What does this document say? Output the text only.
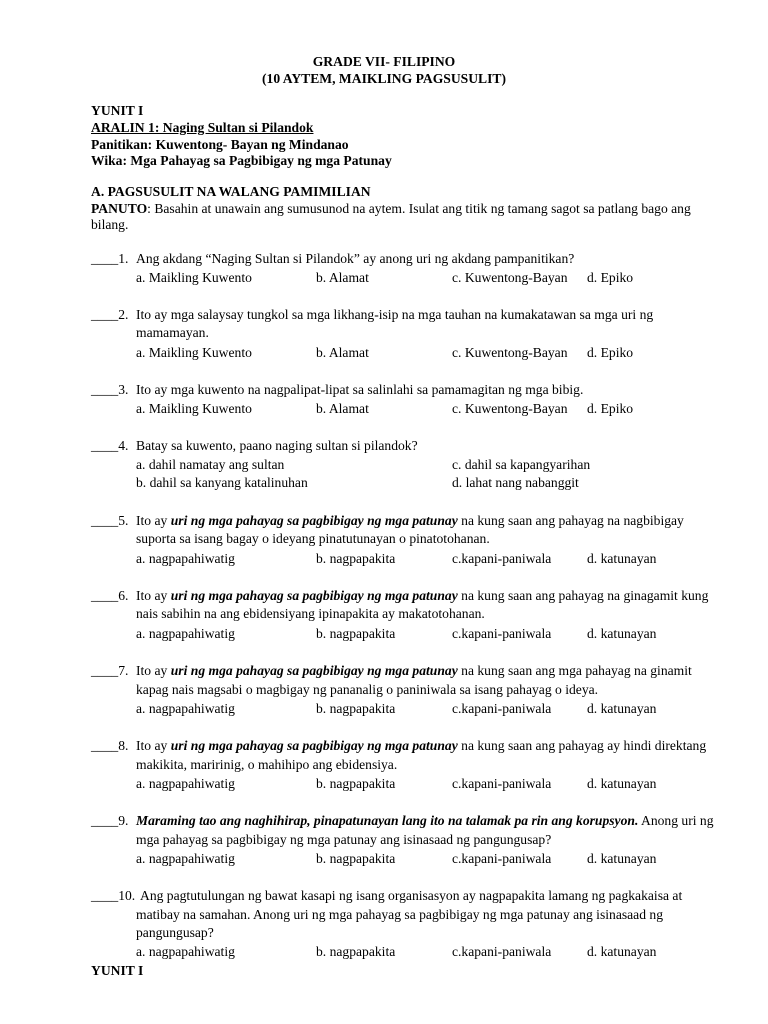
GRADE VII- FILIPINO
(10 AYTEM, MAIKLING PAGSUSULIT)
YUNIT I
ARALIN 1: Naging Sultan si Pilandok
Panitikan: Kuwentong- Bayan ng Mindanao
Wika: Mga Pahayag sa Pagbibigay ng mga Patunay
A. PAGSUSULIT NA WALANG PAMIMILIAN
PANUTO: Basahin at unawain ang sumusunod na aytem. Isulat ang titik ng tamang sagot sa patlang bago ang
bilang.
____1. Ang akdang “Naging Sultan si Pilandok” ay anong uri ng akdang pampanitikan?
a. Maikling Kuwento	b. Alamat	c. Kuwentong-Bayan d. Epiko
____2. Ito ay mga salaysay tungkol sa mga likhang-isip na mga tauhan na kumakatawan sa mga uri ng
mamamayan.
a. Maikling Kuwento	b. Alamat	c. Kuwentong-Bayan d. Epiko
____3. Ito ay mga kuwento na nagpalipat-lipat sa salinlahi sa pamamagitan ng mga bibig.
a. Maikling Kuwento	b. Alamat	c. Kuwentong-Bayan d. Epiko
____4. Batay sa kuwento, paano naging sultan si pilandok?
a. dahil namatay ang sultan	c. dahil sa kapangyarihan
b. dahil sa kanyang katalinuhan	d. lahat nang nabanggit
____5. Ito ay uri ng mga pahayag sa pagbibigay ng mga patunay na kung saan ang pahayag na nagbibigay
suporta sa isang bagay o ideyang pinatutunayan o pinatotohanan.
a. nagpapahiwatig	b. nagpapakita	c.kapani-paniwala	d. katunayan
____6. Ito ay uri ng mga pahayag sa pagbibigay ng mga patunay na kung saan ang pahayag na ginagamit kung
nais sabihin na ang ebidensiyang ipinapakita ay makatotohanan.
a. nagpapahiwatig	b. nagpapakita	c.kapani-paniwala	d. katunayan
____7. Ito ay uri ng mga pahayag sa pagbibigay ng mga patunay na kung saan ang mga pahayag na ginamit
kapag nais magsabi o magbigay ng pananalig o paniniwala sa isang pahayag o ideya.
a. nagpapahiwatig	b. nagpapakita	c.kapani-paniwala	d. katunayan
____8. Ito ay uri ng mga pahayag sa pagbibigay ng mga patunay na kung saan ang pahayag ay hindi direktang
makikita, maririnig, o mahihipo ang ebidensiya.
a. nagpapahiwatig	b. nagpapakita	c.kapani-paniwala	d. katunayan
____9. Maraming tao ang naghihirap, pinapatunayan lang ito na talamak pa rin ang korupsyon. Anong uri ng
mga pahayag sa pagbibigay ng mga patunay ang isinasaad ng pangungusap?
a. nagpapahiwatig	b. nagpapakita	c.kapani-paniwala	d. katunayan
____10. Ang pagtutulungan ng bawat kasapi ng isang organisasyon ay nagpapakita lamang ng pagkakaisa at
matibay na samahan. Anong uri ng mga pahayag sa pagbibigay ng mga patunay ang isinasaad ng
pangungusap?
a. nagpapahiwatig	b. nagpapakita	c.kapani-paniwala	d. katunayan
YUNIT I
